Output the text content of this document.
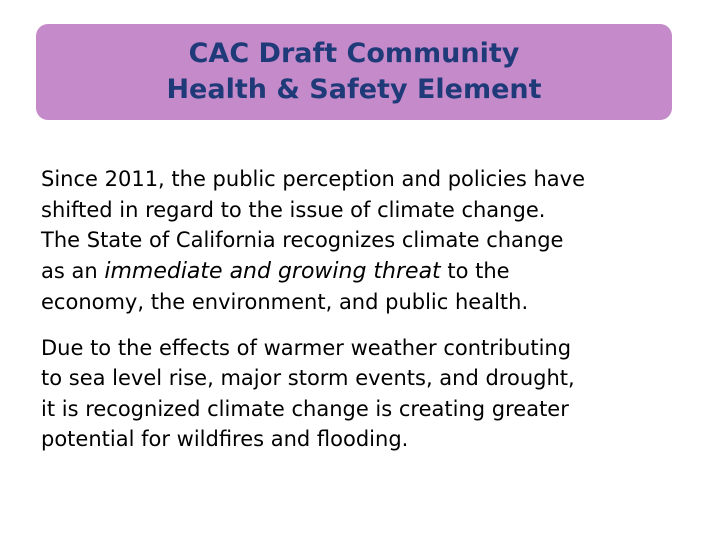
CAC Draft Community
Health & Safety Element

Since 2011, the public perception and policies have
shifted in regard to the issue of climate change.
The State of California recognizes climate change
as an immediate and growing threat to the
economy, the environment, and public health.

Due to the effects of warmer weather contributing
to sea level rise, major storm events, and drought,
it is recognized climate change is creating greater
potential for wildfires and flooding.
